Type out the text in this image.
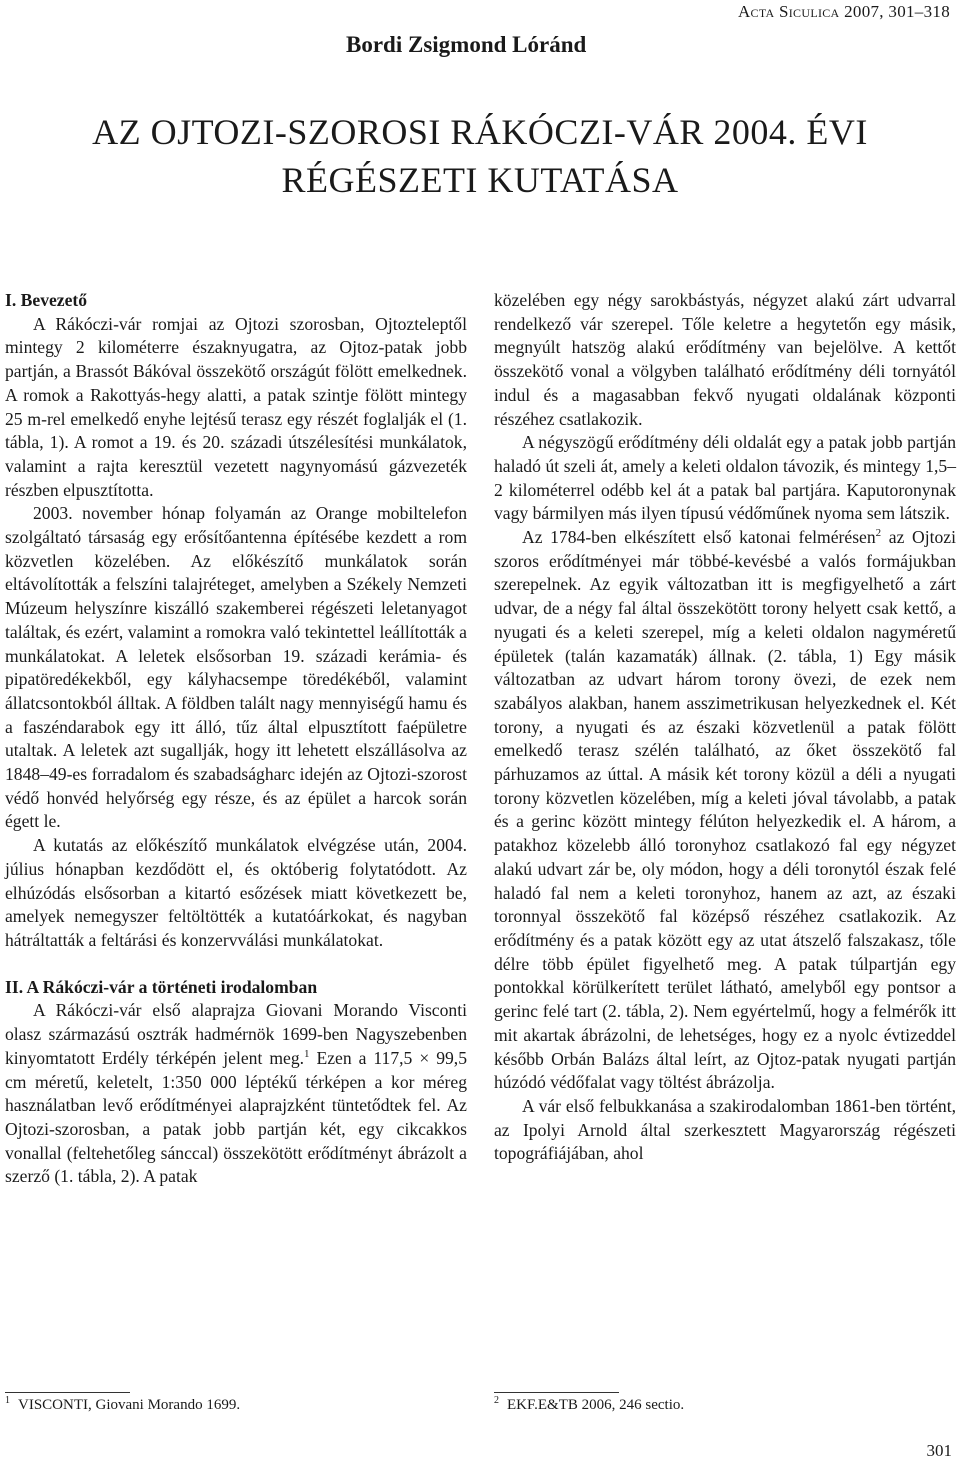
Bordi Zsigmond Lóránd
Acta Siculica 2007, 301–318
AZ OJTOZI-SZOROSI RÁKÓCZI-VÁR 2004. ÉVI
RÉGÉSZETI KUTATÁSA
I. Bevezető

A Rákóczi-vár romjai az Ojtozi szorosban, Ojtozteleptől mintegy 2 kilométerre északnyugatra, az Ojtoz-patak jobb partján, a Brassót Bákóval összekötő országút fölött emelkednek. A romok a Rakottyás-hegy alatti, a patak szintje fölött mintegy 25 m-rel emelkedő enyhe lejtésű terasz egy részét foglalják el (1. tábla, 1). A romot a 19. és 20. századi útszélesítési munkálatok, valamint a rajta keresztül vezetett nagynyomású gázvezeték részben elpusztította.

2003. november hónap folyamán az Orange mobiltelefon szolgáltató társaság egy erősítőantenna építésébe kezdett a rom közvetlen közelében. Az előkészítő munkálatok során eltávolították a felszíni talajréteget, amelyben a Székely Nemzeti Múzeum helyszínre kiszálló szakemberei régészeti leletanyagot találtak, és ezért, valamint a romokra való tekintettel leállították a munkálatokat. A leletek elsősorban 19. századi kerámia- és pipatöredékekből, egy kályhacsempe töredékéből, valamint állatcsontokból álltak. A földben talált nagy mennyiségű hamu és a faszéndarabok egy itt álló, tűz által elpusztított faépületre utaltak. A leletek azt sugallják, hogy itt lehetett elszállásolva az 1848–49-es forradalom és szabadságharc idején az Ojtozi-szorost védő honvéd helyőrség egy része, és az épület a harcok során égett le.

A kutatás az előkészítő munkálatok elvégzése után, 2004. július hónapban kezdődött el, és októberig folytatódott. Az elhúzódás elsősorban a kitartó esőzések miatt következett be, amelyek nemegyszer feltöltötték a kutatóárkokat, és nagyban hátráltatták a feltárási és konzervválási munkálatokat.

II. A Rákóczi-vár a történeti irodalomban

A Rákóczi-vár első alaprajza Giovani Morando Visconti olasz származású osztrák hadmérnök 1699-ben Nagyszebenben kinyomtatott Erdély térképén jelent meg.$^1$ Ezen a 117,5 × 99,5 cm méretű, keletelt, 1:350 000 léptékű térképen a kor méreg használatban levő erődítményei alaprajzként tüntetődtek fel. Az Ojtozi-szorosban, a patak jobb partján két, egy cikcakkos vonallal (feltehetőleg sánccal) összekötött erődítményt ábrázolt a szerző (1. tábla, 2). A patak

közelében egy négy sarokbástyás, négyzet alakú zárt udvarral rendelkező vár szerepel. Tőle keletre a hegytetőn egy másik, megnyúlt hatszög alakú erődítmény van bejelölve. A kettőt összekötő vonal a völgyben található erődítmény déli tornyától indul és a magasabban fekvő nyugati oldalának központi részéhez csatlakozik.

A négyszögű erődítmény déli oldalát egy a patak jobb partján haladó út szeli át, amely a keleti oldalon távozik, és mintegy 1,5–2 kilométerrel odébb kel át a patak bal partjára. Kaputoronynak vagy bármilyen más ilyen típusú védőműnek nyoma sem látszik.

Az 1784-ben elkészített első katonai felmérésen$^2$ az Ojtozi szoros erődítményei már többé-kevésbé a valós formájukban szerepelnek. Az egyik változatban itt is megfigyelhető a zárt udvar, de a négy fal által összekötött torony helyett csak kettő, a nyugati és a keleti szerepel, míg a keleti oldalon nagyméretű épületek (talán kazamaták) állnak. (2. tábla, 1) Egy másik változatban az udvart három torony övezi, de ezek nem szabályos alakban, hanem asszimetrikusan helyezkednek el. Két torony, a nyugati és az északi közvetlenül a patak fölött emelkedő terasz szélén található, az őket összekötő fal párhuzamos az úttal. A másik két torony közül a déli a nyugati torony közvetlen közelében, míg a keleti jóval távolabb, a patak és a gerinc között mintegy félúton helyezkedik el. A három, a patakhoz közelebb álló toronyhoz csatlakozó fal egy négyzet alakú udvart zár be, oly módon, hogy a déli toronytól észak felé haladó fal nem a keleti toronyhoz, hanem az azt, az északi toronnyal összekötő fal középső részéhez csatlakozik. Az erődítmény és a patak között egy az utat átszelő falszakasz, tőle délre több épület figyelhető meg. A patak túlpartján egy pontokkal körülkerített terület látható, amelyből egy pontsor a gerinc felé tart (2. tábla, 2). Nem egyértelmű, hogy a felmérők itt mit akartak ábrázolni, de lehetséges, hogy ez a nyolc évtizeddel később Orbán Balázs által leírt, az Ojtoz-patak nyugati partján húzódó védőfalat vagy töltést ábrázolja.

A vár első felbukkanása a szakirodalomban 1861-ben történt, az Ipolyi Arnold által szerkesztett Magyarország régészeti topográfiájában, ahol

$^1$ VISCONTI, Giovani Morando 1699.	$^2$ EKF.E&TB 2006, 246 sectio.
301
